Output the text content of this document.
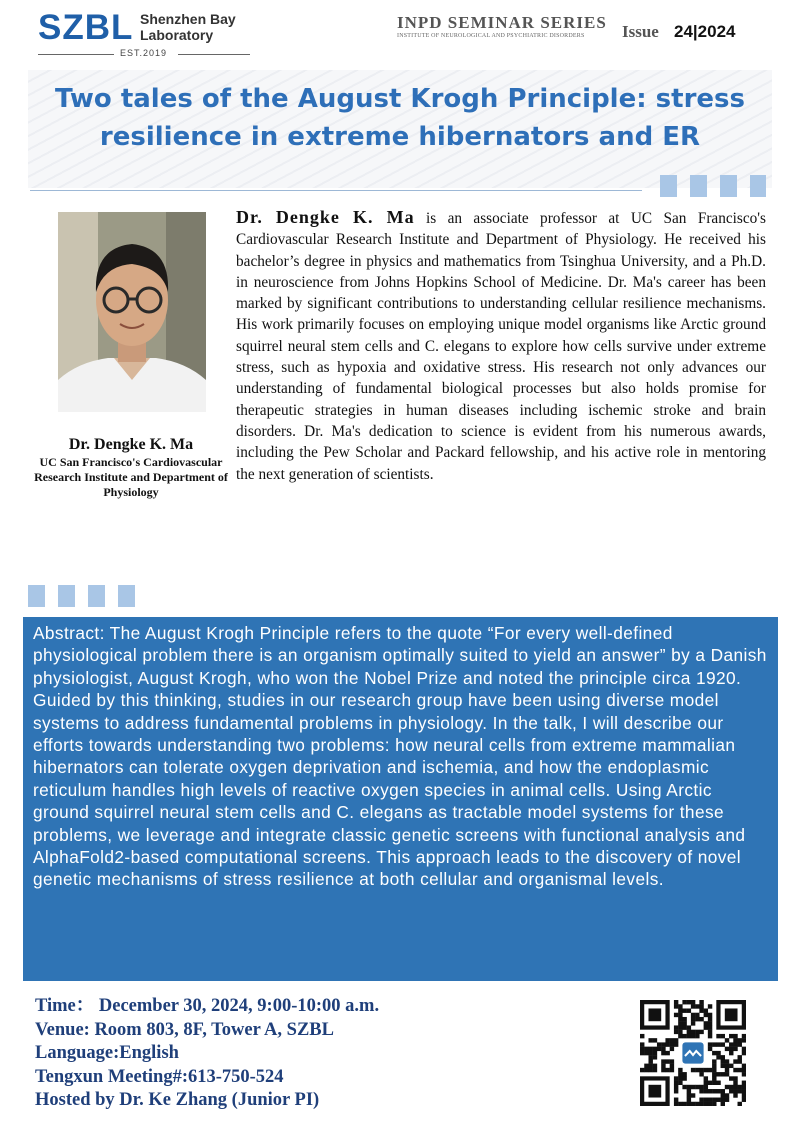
SZBL Shenzhen Bay
Laboratory
EST.2019
INPD SEMINAR SERIES
INSTITUTE OF NEUROLOGICAL AND PSYCHIATRIC DISORDERS	Issue 24|2024
Two tales of the August Krogh Principle: stress resilience in extreme hibernators and ER
Dr. Dengke K. Ma
UC San Francisco's Cardiovascular Research Institute and Department of Physiology
Dr. Dengke K. Ma is an associate professor at UC San Francisco's Cardiovascular Research Institute and Department of Physiology. He received his bachelor’s degree in physics and mathematics from Tsinghua University, and a Ph.D. in neuroscience from Johns Hopkins School of Medicine. Dr. Ma's career has been marked by significant contributions to understanding cellular resilience mechanisms. His work primarily focuses on employing unique model organisms like Arctic ground squirrel neural stem cells and C. elegans to explore how cells survive under extreme stress, such as hypoxia and oxidative stress. His research not only advances our understanding of fundamental biological processes but also holds promise for therapeutic strategies in human diseases including ischemic stroke and brain disorders. Dr. Ma's dedication to science is evident from his numerous awards, including the Pew Scholar and Packard fellowship, and his active role in mentoring the next generation of scientists.
Abstract: The August Krogh Principle refers to the quote “For every well-defined physiological problem there is an organism optimally suited to yield an answer” by a Danish physiologist, August Krogh, who won the Nobel Prize and noted the principle circa 1920. Guided by this thinking, studies in our research group have been using diverse model systems to address fundamental problems in physiology. In the talk, I will describe our efforts towards understanding two problems: how neural cells from extreme mammalian hibernators can tolerate oxygen deprivation and ischemia, and how the endoplasmic reticulum handles high levels of reactive oxygen species in animal cells. Using Arctic ground squirrel neural stem cells and C. elegans as tractable model systems for these problems, we leverage and integrate classic genetic screens with functional analysis and AlphaFold2-based computational screens. This approach leads to the discovery of novel genetic mechanisms of stress resilience at both cellular and organismal levels.
Time： December 30, 2024, 9:00-10:00 a.m.
Venue: Room 803, 8F, Tower A, SZBL
Language:English
Tengxun Meeting#:613-750-524
Hosted by Dr. Ke Zhang (Junior PI)
